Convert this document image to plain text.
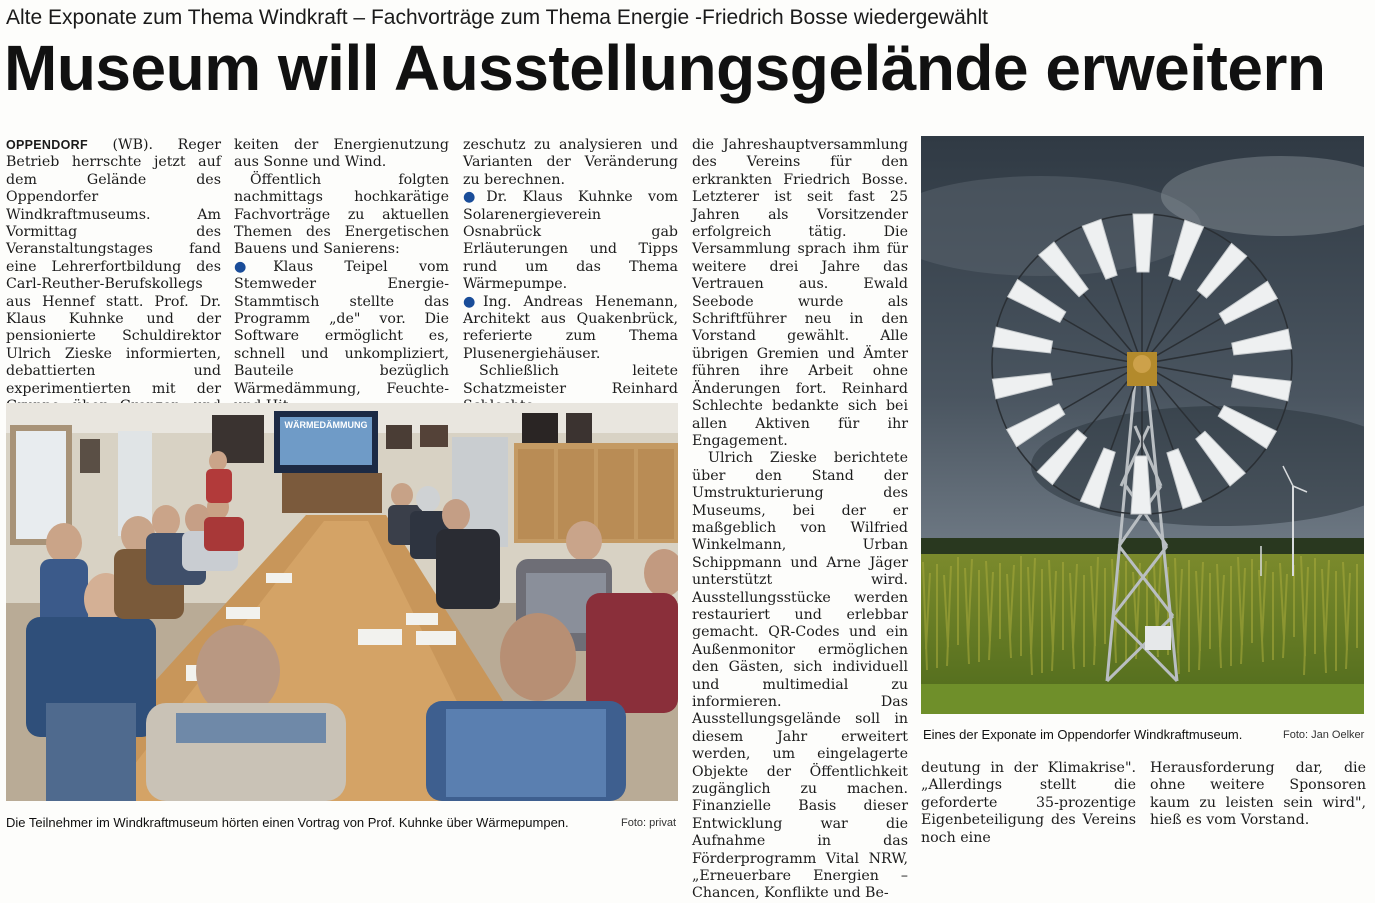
Alte Exponate zum Thema Windkraft – Fachvorträge zum Thema Energie -Friedrich Bosse wiedergewählt
Museum will Ausstellungsgelände erweitern

OPPENDORF (WB). Reger Betrieb herrschte jetzt auf dem Gelände des Oppendorfer Windkraftmuseums. Am Vormittag des Veranstaltungstages fand eine Lehrerfortbildung des Carl-Reuther-Berufskollegs aus Hennef statt. Prof. Dr. Klaus Kuhnke und der pensionierte Schuldirektor Ulrich Zieske informierten, debattierten und experimentierten mit der

keiten der Energienutzung aus Sonne und Wind.

Öffentlich folgten nachmittags hochkarätige Fachvorträge zu aktuellen Themen des Energetischen Bauens und Sanierens:

●Klaus Teipel vom Stemweder Energie-Stammtisch stellte das Programm „de" vor. Die Software ermöglicht es, schnell und unkompliziert, Bauteile bezüglich Wärmedämmung, Feuchte-

zeschutz zu analysieren und Varianten der Veränderung zu berechnen.

●Dr. Klaus Kuhnke vom Solarenergieverein Osnabrück gab Erläuterungen und Tipps rund um das Thema Wärmepumpe.

●Ing. Andreas Henemann, Architekt aus Quakenbrück, referierte zum Thema Plusenergiehäuser.

Schließlich leitete Schatzmeister Reinhard

die Jahreshauptversammlung des Vereins für den erkrankten Friedrich Bosse. Letzterer ist seit fast 25 Jahren als Vorsitzender erfolgreich tätig. Die Versammlung sprach ihm für weitere drei Jahre das Vertrauen aus. Ewald Seebode wurde als Schriftführer neu in den Vorstand gewählt. Alle übrigen Gremien und Ämter führen ihre Arbeit ohne Änderungen fort. Reinhard Schlechte bedankte sich bei allen Aktiven für ihr Engagement.

Ulrich Zieske berichtete über den Stand der Umstrukturierung des Museums, bei der er maßgeblich von Wilfried Winkelmann, Urban Schippmann und Arne Jäger unterstützt wird. Ausstellungsstücke werden restauriert und erlebbar gemacht. QR-Codes und ein Außenmonitor ermöglichen den Gästen, sich individuell und multimedial zu informieren. Das Ausstellungsgelände soll in diesem Jahr erweitert werden, um eingelagerte Objekte der Öffentlichkeit zugänglich zu machen. Finanzielle Basis dieser Entwicklung war die Aufnahme in das Förderprogramm Vital NRW, „Erneuerbare Energien – Chancen, Konflikte und Be-

deutung in der Klimakrise". „Allerdings stellt die geforderte 35-prozentige Eigenbeteiligung des Vereins noch eine
Herausforderung dar, die ohne weitere Sponsoren kaum zu leisten sein wird", hieß es vom Vorstand.
WÄRMEDÄMMUNG
Die Teilnehmer im Windkraftmuseum hörten einen Vortrag von Prof. Kuhnke über Wärmepumpen.	Foto: privat
Eines der Exponate im Oppendorfer Windkraftmuseum.	Foto: Jan Oelker
